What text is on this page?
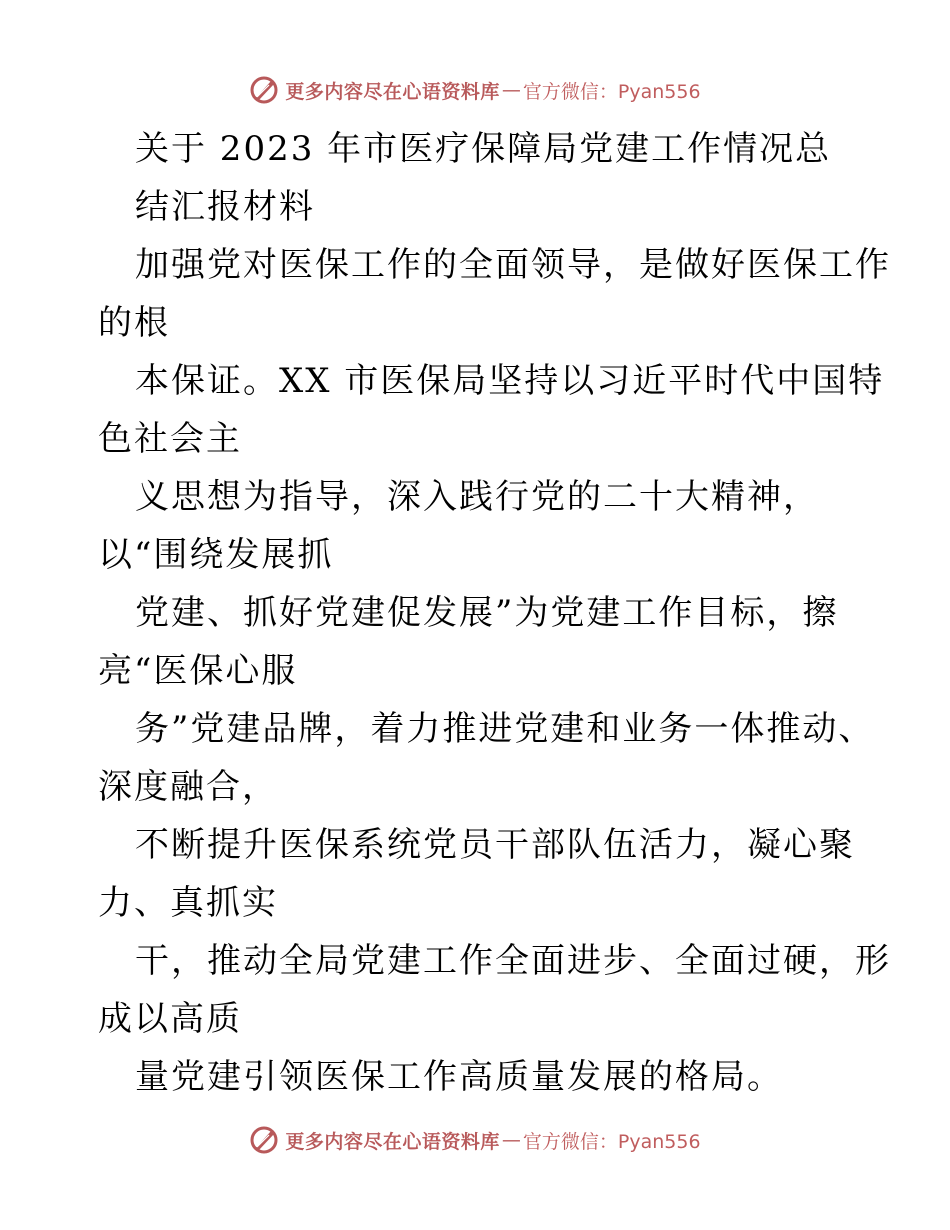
更多内容尽在心语资料库 — 官方微信：Pyan556
关于 2023 年市医疗保障局党建工作情况总
结汇报材料
加强党对医保工作的全面领导，是做好医保工作
的根
本保证。XX 市医保局坚持以习近平时代中国特
色社会主
义思想为指导，深入践行党的二十大精神，
以“围绕发展抓
党建、抓好党建促发展”为党建工作目标，擦
亮“医保心服
务”党建品牌，着力推进党建和业务一体推动、
深度融合，
不断提升医保系统党员干部队伍活力，凝心聚
力、真抓实
干，推动全局党建工作全面进步、全面过硬，形
成以高质
量党建引领医保工作高质量发展的格局。
更多内容尽在心语资料库 — 官方微信：Pyan556
